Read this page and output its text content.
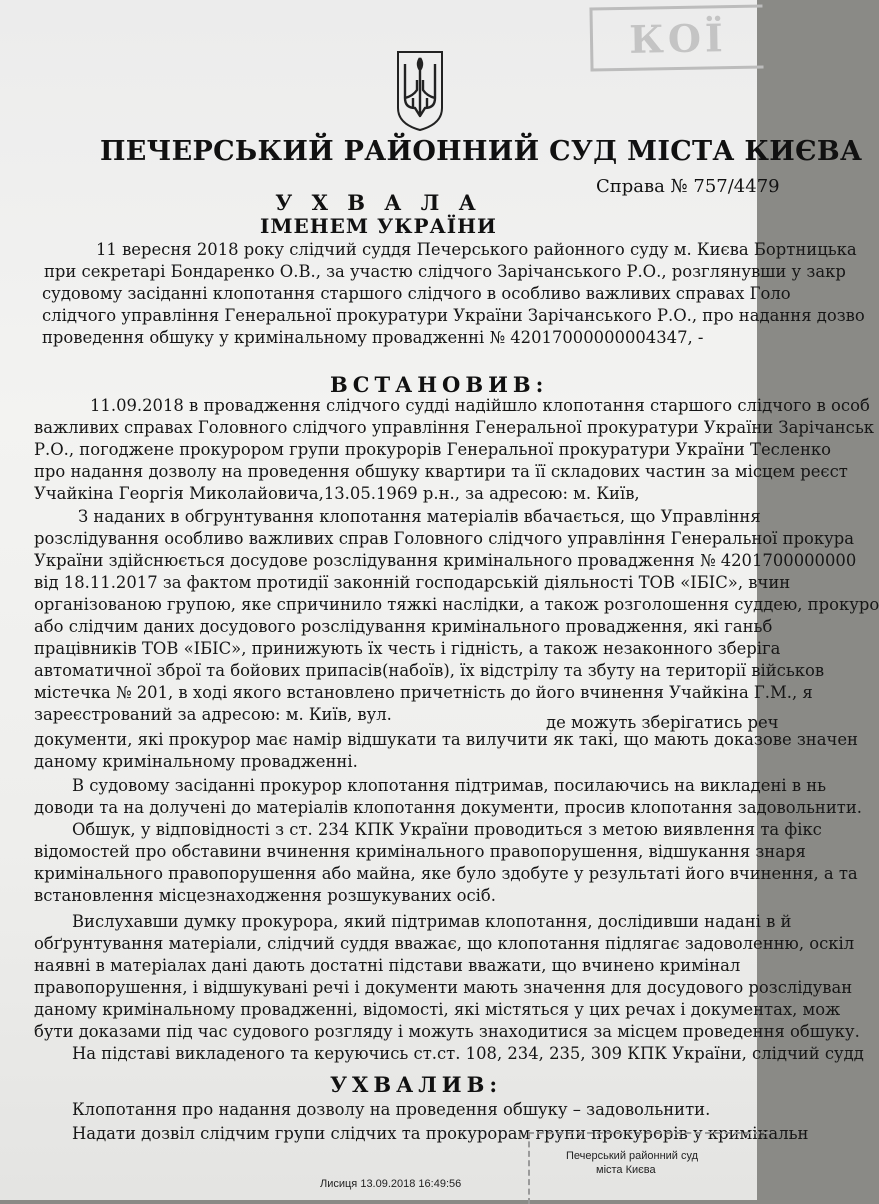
КОЇ
ПЕЧЕРСЬКИЙ РАЙОННИЙ СУД МІСТА КИЄВА
Справа № 757/4479
У Х В А Л А
ІМЕНЕМ УКРАЇНИ
11 вересня 2018 року слідчий суддя Печерського районного суду м. Києва Бортницька
при секретарі Бондаренко О.В., за участю слідчого Зарічанського Р.О., розглянувши у закр
судовому засіданні клопотання старшого слідчого в особливо важливих справах Голо
слідчого управління Генеральної прокуратури України Зарічанського Р.О., про надання дозво
проведення обшуку у кримінальному провадженні № 42017000000004347, -
ВСТАНОВИВ:
11.09.2018 в провадження слідчого судді надійшло клопотання старшого слідчого в особ
важливих справах Головного слідчого управління Генеральної прокуратури України Зарічанськ
Р.О., погоджене прокурором групи прокурорів Генеральної прокуратури України Тесленко
про надання дозволу на проведення обшуку квартири та її складових частин за місцем реєст
Учайкіна Георгія Миколайовича,13.05.1969 р.н., за адресою: м. Київ,
З наданих в обгрунтування клопотання матеріалів вбачається, що Управління
розслідування особливо важливих справ Головного слідчого управління Генеральної прокура
України здійснюється досудове розслідування кримінального провадження № 4201700000000
від 18.11.2017 за фактом протидії законній господарській діяльності ТОВ «ІБІС», вчин
організованою групою, яке спричинило тяжкі наслідки, а також розголошення суддею, прокуро
або слідчим даних досудового розслідування кримінального провадження, які ганьб
працівників ТОВ «ІБІС», принижують їх честь і гідність, а також незаконного зберіга
автоматичної зброї та бойових припасів(набоїв), їх відстрілу та збуту на території військов
містечка № 201, в ході якого встановлено причетність до його вчинення Учайкіна Г.М., я
зареєстрований за адресою: м. Київ, вул.	де можуть зберігатись реч
документи, які прокурор має намір відшукати та вилучити як такі, що мають доказове значен
даному кримінальному провадженні.
В судовому засіданні прокурор клопотання підтримав, посилаючись на викладені в нь
доводи та на долучені до матеріалів клопотання документи, просив клопотання задовольнити.
Обшук, у відповідності з ст. 234 КПК України проводиться з метою виявлення та фікс
відомостей про обставини вчинення кримінального правопорушення, відшукання знаря
кримінального правопорушення або майна, яке було здобуте у результаті його вчинення, а та
встановлення місцезнаходження розшукуваних осіб.
Вислухавши думку прокурора, який підтримав клопотання, дослідивши надані в й
обґрунтування матеріали, слідчий суддя вважає, що клопотання підлягає задоволенню, оскіл
наявні в матеріалах дані дають достатні підстави вважати, що вчинено кримінал
правопорушення, і відшукувані речі і документи мають значення для досудового розслідуван
даному кримінальному провадженні, відомості, які містяться у цих речах і документах, мож
бути доказами під час судового розгляду і можуть знаходитися за місцем проведення обшуку.
На підставі викладеного та керуючись ст.ст. 108, 234, 235, 309 КПК України, слідчий судд
УХВАЛИВ:
Клопотання про надання дозволу на проведення обшуку – задовольнити.
Надати дозвіл слідчим групи слідчих та прокурорам групи прокурорів у кримінальн
Печерський районний суд
міста Києва
Лисиця 13.09.2018 16:49:56
